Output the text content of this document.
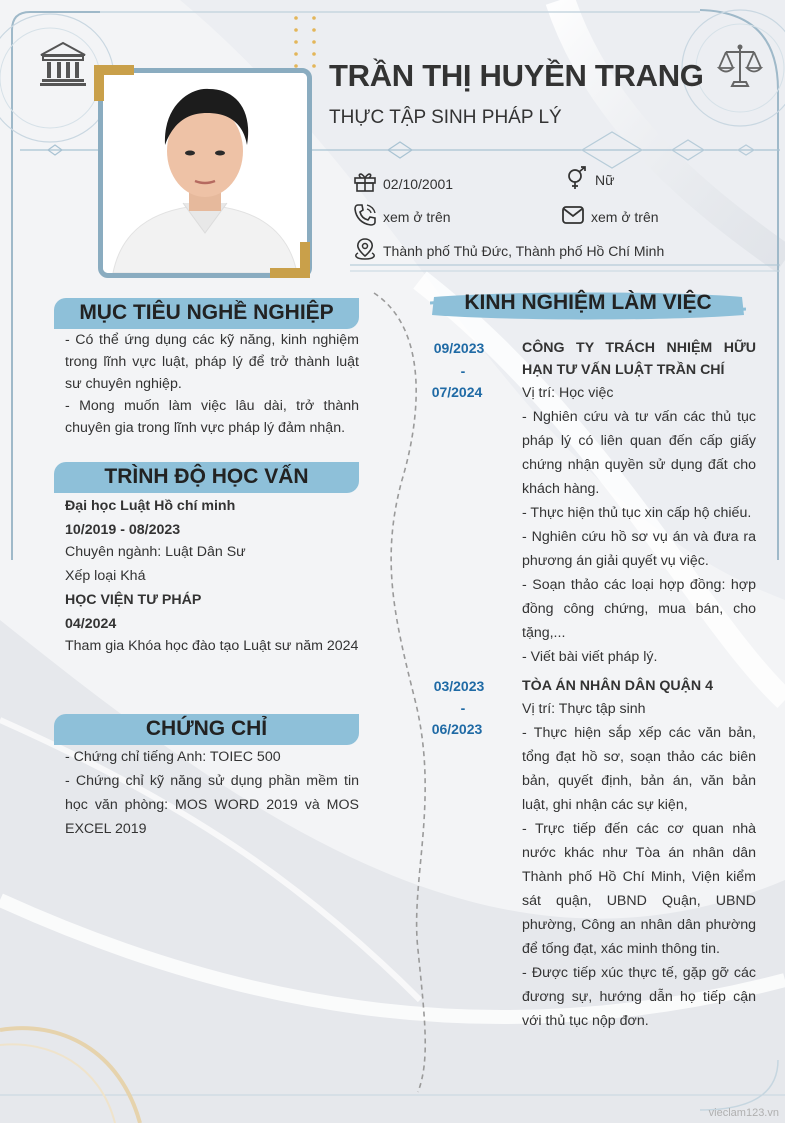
TRẦN THỊ HUYỀN TRANG
THỰC TẬP SINH PHÁP LÝ
02/10/2001	Nữ
xem ở trên	xem ở trên
Thành phố Thủ Đức, Thành phố Hồ Chí Minh
MỤC TIÊU NGHỀ NGHIỆP

- Có thể ứng dụng các kỹ năng, kinh nghiệm trong lĩnh vực luật, pháp lý để trở thành luật sư chuyên nghiệp.

- Mong muốn làm việc lâu dài, trở thành chuyên gia trong lĩnh vực pháp lý đảm nhận.

TRÌNH ĐỘ HỌC VẤN
Đại học Luật Hồ chí minh
10/2019 - 08/2023
Chuyên ngành: Luật Dân Sư
Xếp loại Khá
HỌC VIỆN TƯ PHÁP
04/2024

Tham gia Khóa học đào tạo Luật sư năm 2024

CHỨNG CHỈ

- Chứng chỉ tiếng Anh: TOIEC 500

- Chứng chỉ kỹ năng sử dụng phần mềm tin học văn phòng: MOS WORD 2019 và MOS EXCEL 2019

KINH NGHIỆM LÀM VIỆC
09/2023
-
07/2024

CÔNG TY TRÁCH NHIỆM HỮU HẠN TƯ VẤN LUẬT TRẦN CHÍ

Vị trí: Học việc

- Nghiên cứu và tư vấn các thủ tục pháp lý có liên quan đến cấp giấy chứng nhận quyền sử dụng đất cho khách hàng.

- Thực hiện thủ tục xin cấp hộ chiếu.

- Nghiên cứu hồ sơ vụ án và đưa ra phương án giải quyết vụ việc.

- Soạn thảo các loại hợp đồng: hợp đồng công chứng, mua bán, cho tặng,...

- Viết bài viết pháp lý.

03/2023
-
06/2023

TÒA ÁN NHÂN DÂN QUẬN 4

Vị trí: Thực tập sinh

- Thực hiện sắp xếp các văn bản, tổng đạt hồ sơ, soạn thảo các biên bản, quyết định, bản án, văn bản luật, ghi nhận các sự kiện,

- Trực tiếp đến các cơ quan nhà nước khác như Tòa án nhân dân Thành phố Hồ Chí Minh, Viện kiểm sát quận, UBND Quận, UBND phường, Công an nhân dân phường để tống đạt, xác minh thông tin.

- Được tiếp xúc thực tế, gặp gỡ các đương sự, hướng dẫn họ tiếp cận với thủ tục nộp đơn.

vieclam123.vn
